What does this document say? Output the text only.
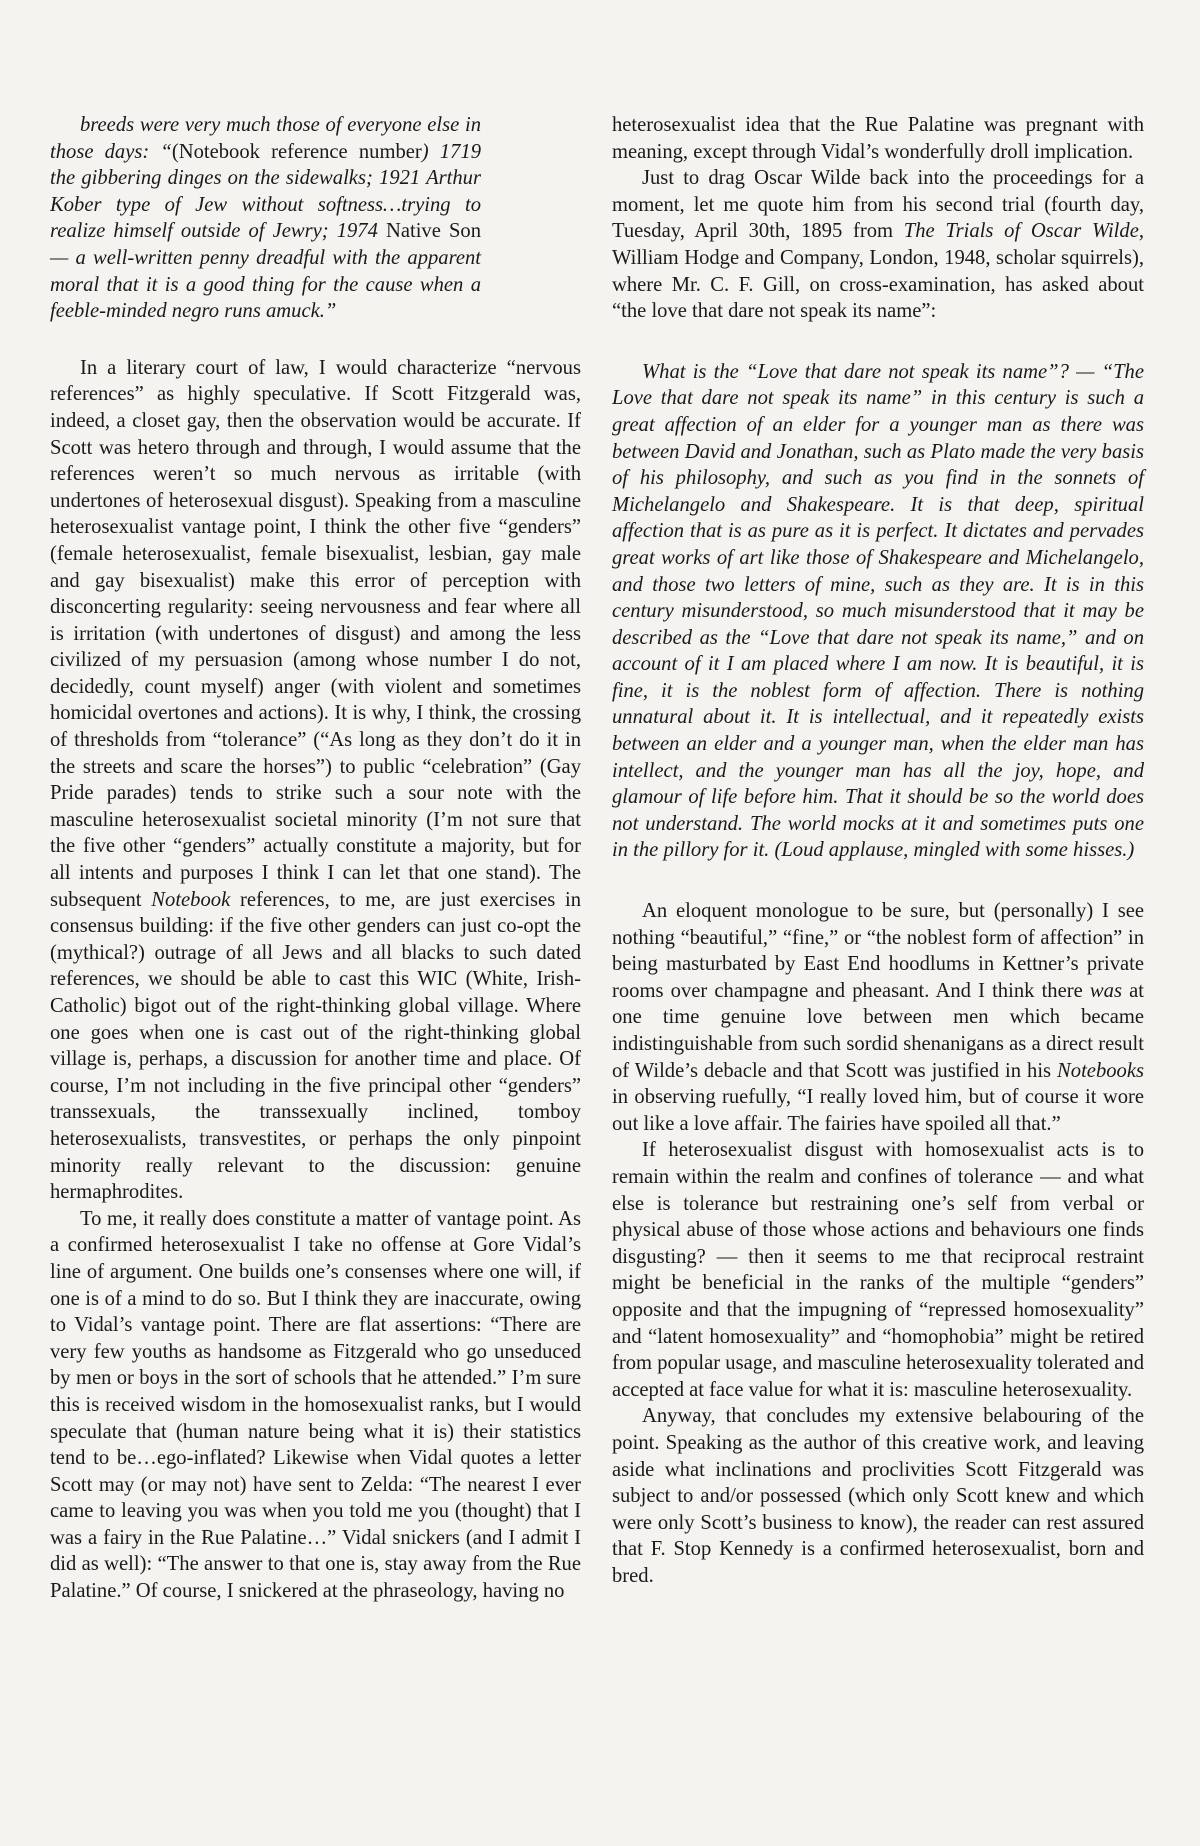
breeds were very much those of everyone else in those days: “(Notebook reference number) 1719 the gibbering dinges on the sidewalks; 1921 Arthur Kober type of Jew without softness…trying to realize himself outside of Jewry; 1974 Native Son — a well-written penny dreadful with the apparent moral that it is a good thing for the cause when a feeble-minded negro runs amuck.”

In a literary court of law, I would characterize “nervous references” as highly speculative. If Scott Fitzgerald was, indeed, a closet gay, then the observation would be accurate. If Scott was hetero through and through, I would assume that the references weren’t so much nervous as irritable (with undertones of heterosexual disgust). Speaking from a masculine heterosexualist vantage point, I think the other five “genders” (female heterosexualist, female bisexualist, lesbian, gay male and gay bisexualist) make this error of perception with disconcerting regularity: seeing nervousness and fear where all is irritation (with undertones of disgust) and among the less civilized of my persuasion (among whose number I do not, decidedly, count myself) anger (with violent and sometimes homicidal overtones and actions). It is why, I think, the crossing of thresholds from “tolerance” (“As long as they don’t do it in the streets and scare the horses”) to public “celebration” (Gay Pride parades) tends to strike such a sour note with the masculine heterosexualist societal minority (I’m not sure that the five other “genders” actually constitute a majority, but for all intents and purposes I think I can let that one stand). The subsequent Notebook references, to me, are just exercises in consensus building: if the five other genders can just co-opt the (mythical?) outrage of all Jews and all blacks to such dated references, we should be able to cast this WIC (White, Irish-Catholic) bigot out of the right-thinking global village. Where one goes when one is cast out of the right-thinking global village is, perhaps, a discussion for another time and place. Of course, I’m not including in the five principal other “genders” transsexuals, the transsexually inclined, tomboy heterosexualists, transvestites, or perhaps the only pinpoint minority really relevant to the discussion: genuine hermaphrodites.

To me, it really does constitute a matter of vantage point. As a confirmed heterosexualist I take no offense at Gore Vidal’s line of argument. One builds one’s consenses where one will, if one is of a mind to do so. But I think they are inaccurate, owing to Vidal’s vantage point. There are flat assertions: “There are very few youths as handsome as Fitzgerald who go unseduced by men or boys in the sort of schools that he attended.” I’m sure this is received wisdom in the homosexualist ranks, but I would speculate that (human nature being what it is) their statistics tend to be…ego-inflated? Likewise when Vidal quotes a letter Scott may (or may not) have sent to Zelda: “The nearest I ever came to leaving you was when you told me you (thought) that I was a fairy in the Rue Palatine…” Vidal snickers (and I admit I did as well): “The answer to that one is, stay away from the Rue Palatine.” Of course, I snickered at the phraseology, having no

heterosexualist idea that the Rue Palatine was pregnant with meaning, except through Vidal’s wonderfully droll implication.

Just to drag Oscar Wilde back into the proceedings for a moment, let me quote him from his second trial (fourth day, Tuesday, April 30th, 1895 from The Trials of Oscar Wilde, William Hodge and Company, London, 1948, scholar squirrels), where Mr. C. F. Gill, on cross-examination, has asked about “the love that dare not speak its name”:

What is the “Love that dare not speak its name”? — “The Love that dare not speak its name” in this century is such a great affection of an elder for a younger man as there was between David and Jonathan, such as Plato made the very basis of his philosophy, and such as you find in the sonnets of Michelangelo and Shakespeare. It is that deep, spiritual affection that is as pure as it is perfect. It dictates and pervades great works of art like those of Shakespeare and Michelangelo, and those two letters of mine, such as they are. It is in this century misunderstood, so much misunderstood that it may be described as the “Love that dare not speak its name,” and on account of it I am placed where I am now. It is beautiful, it is fine, it is the noblest form of affection. There is nothing unnatural about it. It is intellectual, and it repeatedly exists between an elder and a younger man, when the elder man has intellect, and the younger man has all the joy, hope, and glamour of life before him. That it should be so the world does not understand. The world mocks at it and sometimes puts one in the pillory for it. (Loud applause, mingled with some hisses.)

An eloquent monologue to be sure, but (personally) I see nothing “beautiful,” “fine,” or “the noblest form of affection” in being masturbated by East End hoodlums in Kettner’s private rooms over champagne and pheasant. And I think there was at one time genuine love between men which became indistinguishable from such sordid shenanigans as a direct result of Wilde’s debacle and that Scott was justified in his Notebooks in observing ruefully, “I really loved him, but of course it wore out like a love affair. The fairies have spoiled all that.”

If heterosexualist disgust with homosexualist acts is to remain within the realm and confines of tolerance — and what else is tolerance but restraining one’s self from verbal or physical abuse of those whose actions and behaviours one finds disgusting? — then it seems to me that reciprocal restraint might be beneficial in the ranks of the multiple “genders” opposite and that the impugning of “repressed homosexuality” and “latent homosexuality” and “homophobia” might be retired from popular usage, and masculine heterosexuality tolerated and accepted at face value for what it is: masculine heterosexuality.

Anyway, that concludes my extensive belabouring of the point. Speaking as the author of this creative work, and leaving aside what inclinations and proclivities Scott Fitzgerald was subject to and/or possessed (which only Scott knew and which were only Scott’s business to know), the reader can rest assured that F. Stop Kennedy is a confirmed heterosexualist, born and bred.
